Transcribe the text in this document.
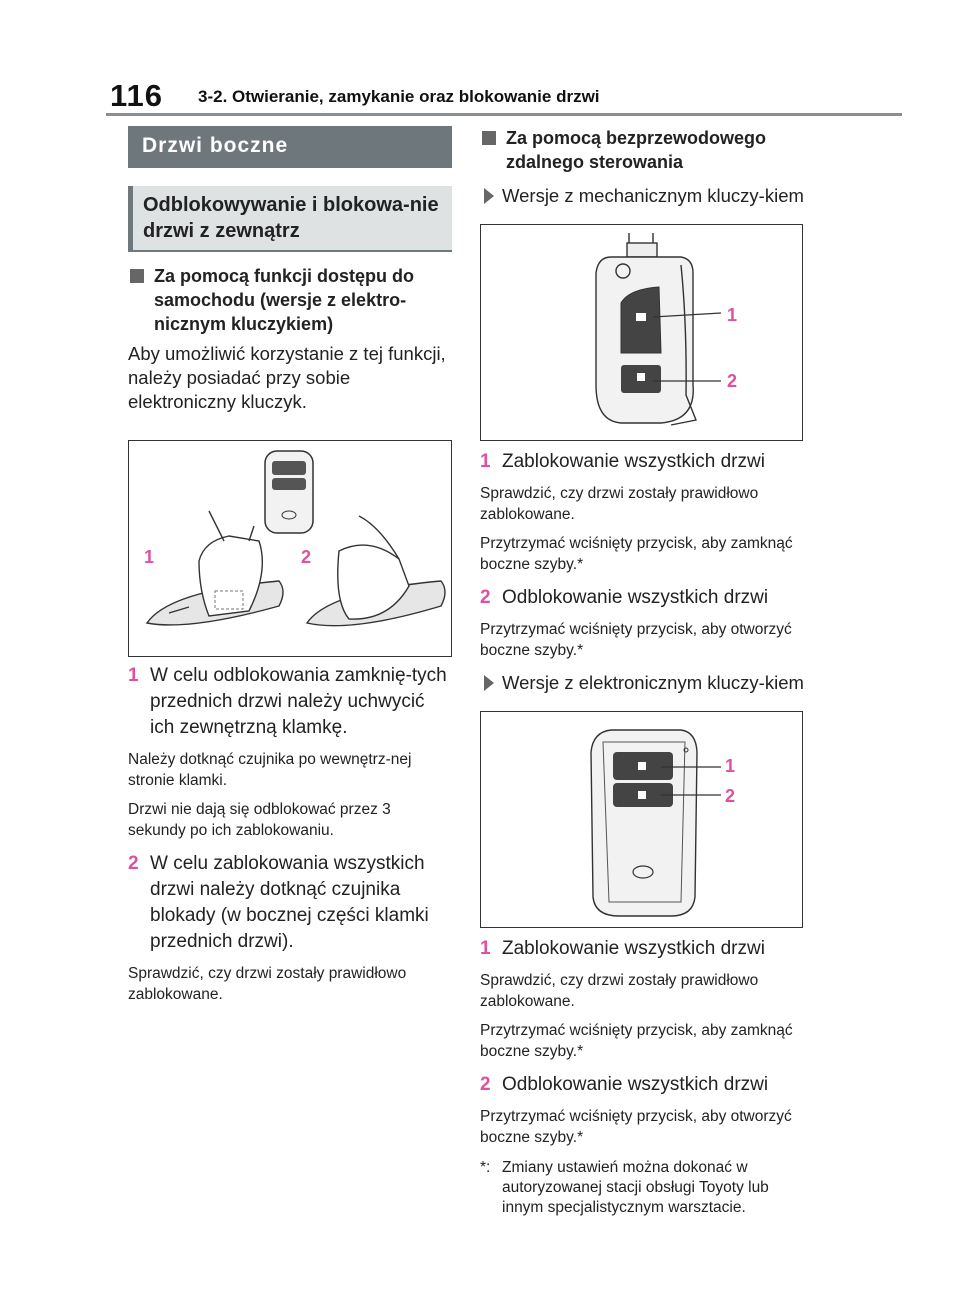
116 3-2. Otwieranie, zamykanie oraz blokowanie drzwi
Drzwi boczne
Odblokowywanie i blokowa-nie drzwi z zewnątrz
Za pomocą funkcji dostępu do samochodu (wersje z elektro-nicznym kluczykiem)
Aby umożliwić korzystanie z tej funkcji, należy posiadać przy sobie elektroniczny kluczyk.
1	2
1 W celu odblokowania zamknię-tych przednich drzwi należy uchwycić ich zewnętrzną klamkę.
Należy dotknąć czujnika po wewnętrz-nej stronie klamki.
Drzwi nie dają się odblokować przez 3 sekundy po ich zablokowaniu.
2 W celu zablokowania wszystkich drzwi należy dotknąć czujnika blokady (w bocznej części klamki przednich drzwi).
Sprawdzić, czy drzwi zostały prawidłowo zablokowane.
Za pomocą bezprzewodowego zdalnego sterowania
Wersje z mechanicznym kluczy-kiem
1
2
1 Zablokowanie wszystkich drzwi
Sprawdzić, czy drzwi zostały prawidłowo zablokowane.
Przytrzymać wciśnięty przycisk, aby zamknąć boczne szyby.*
2 Odblokowanie wszystkich drzwi
Przytrzymać wciśnięty przycisk, aby otworzyć boczne szyby.*
Wersje z elektronicznym kluczy-kiem
1
2
1 Zablokowanie wszystkich drzwi
Sprawdzić, czy drzwi zostały prawidłowo zablokowane.
Przytrzymać wciśnięty przycisk, aby zamknąć boczne szyby.*
2 Odblokowanie wszystkich drzwi
Przytrzymać wciśnięty przycisk, aby otworzyć boczne szyby.*
*: Zmiany ustawień można dokonać w autoryzowanej stacji obsługi Toyoty lub innym specjalistycznym warsztacie.
